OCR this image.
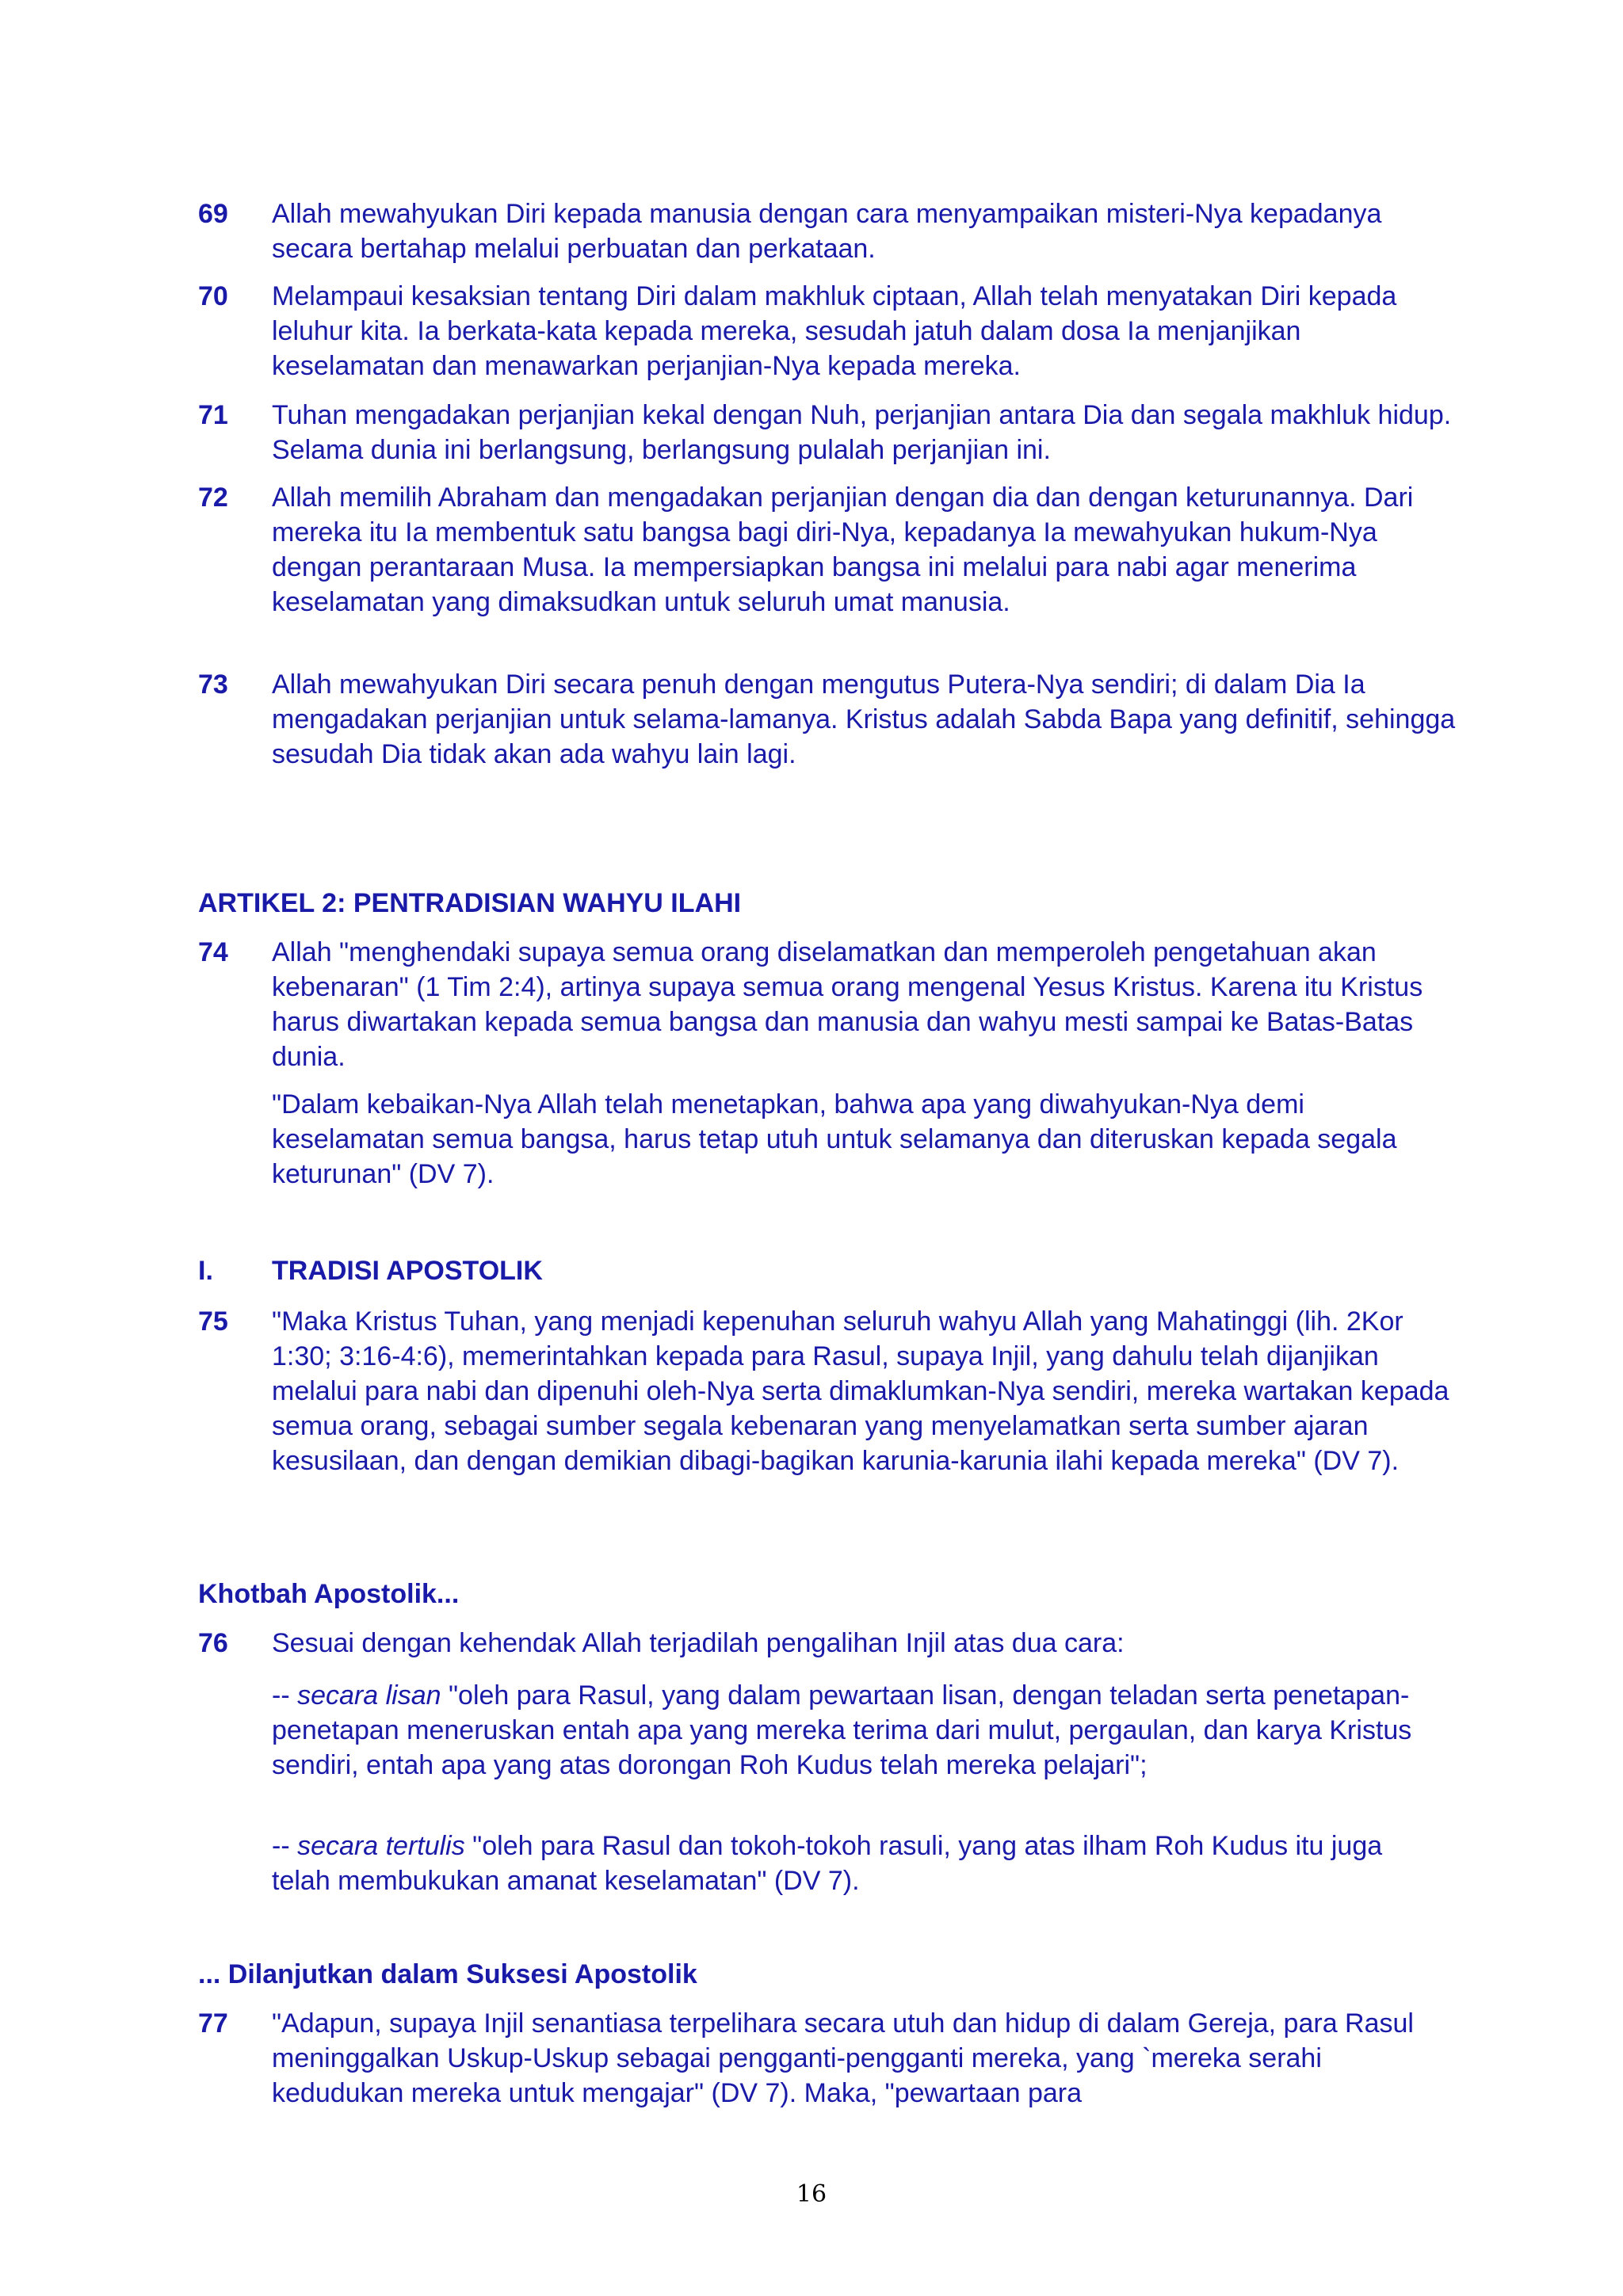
69	Allah mewahyukan Diri kepada manusia dengan cara menyampaikan misteri-Nya kepadanya secara bertahap melalui perbuatan dan perkataan.
70	Melampaui kesaksian tentang Diri dalam makhluk ciptaan, Allah telah menyatakan Diri kepada leluhur kita. Ia berkata-kata kepada mereka, sesudah jatuh dalam dosa Ia menjanjikan keselamatan dan menawarkan perjanjian-Nya kepada mereka.
71	Tuhan mengadakan perjanjian kekal dengan Nuh, perjanjian antara Dia dan segala makhluk hidup. Selama dunia ini berlangsung, berlangsung pulalah perjanjian ini.
72	Allah memilih Abraham dan mengadakan perjanjian dengan dia dan dengan keturunannya. Dari mereka itu Ia membentuk satu bangsa bagi diri-Nya, kepadanya Ia mewahyukan hukum-Nya dengan perantaraan Musa. Ia mempersiapkan bangsa ini melalui para nabi agar menerima keselamatan yang dimaksudkan untuk seluruh umat manusia.
73	Allah mewahyukan Diri secara penuh dengan mengutus Putera-Nya sendiri; di dalam Dia Ia mengadakan perjanjian untuk selama-lamanya. Kristus adalah Sabda Bapa yang definitif, sehingga sesudah Dia tidak akan ada wahyu lain lagi.
ARTIKEL 2: PENTRADISIAN WAHYU ILAHI
74	Allah "menghendaki supaya semua orang diselamatkan dan memperoleh pengetahuan akan kebenaran" (1 Tim 2:4), artinya supaya semua orang mengenal Yesus Kristus. Karena itu Kristus harus diwartakan kepada semua bangsa dan manusia dan wahyu mesti sampai ke Batas-Batas dunia.
"Dalam kebaikan-Nya Allah telah menetapkan, bahwa apa yang diwahyukan-Nya demi keselamatan semua bangsa, harus tetap utuh untuk selamanya dan diteruskan kepada segala keturunan" (DV 7).
I. TRADISI APOSTOLIK
75	"Maka Kristus Tuhan, yang menjadi kepenuhan seluruh wahyu Allah yang Mahatinggi (lih. 2Kor 1:30; 3:16-4:6), memerintahkan kepada para Rasul, supaya Injil, yang dahulu telah dijanjikan melalui para nabi dan dipenuhi oleh-Nya serta dimaklumkan-Nya sendiri, mereka wartakan kepada semua orang, sebagai sumber segala kebenaran yang menyelamatkan serta sumber ajaran kesusilaan, dan dengan demikian dibagi-bagikan karunia-karunia ilahi kepada mereka" (DV 7).
Khotbah Apostolik...
76	Sesuai dengan kehendak Allah terjadilah pengalihan Injil atas dua cara:
-- secara lisan "oleh para Rasul, yang dalam pewartaan lisan, dengan teladan serta penetapan-penetapan meneruskan entah apa yang mereka terima dari mulut, pergaulan, dan karya Kristus sendiri, entah apa yang atas dorongan Roh Kudus telah mereka pelajari";
-- secara tertulis "oleh para Rasul dan tokoh-tokoh rasuli, yang atas ilham Roh Kudus itu juga telah membukukan amanat keselamatan" (DV 7).
... Dilanjutkan dalam Suksesi Apostolik
77	"Adapun, supaya Injil senantiasa terpelihara secara utuh dan hidup di dalam Gereja, para Rasul meninggalkan Uskup-Uskup sebagai pengganti-pengganti mereka, yang `mereka serahi kedudukan mereka untuk mengajar" (DV 7). Maka, "pewartaan para
16
